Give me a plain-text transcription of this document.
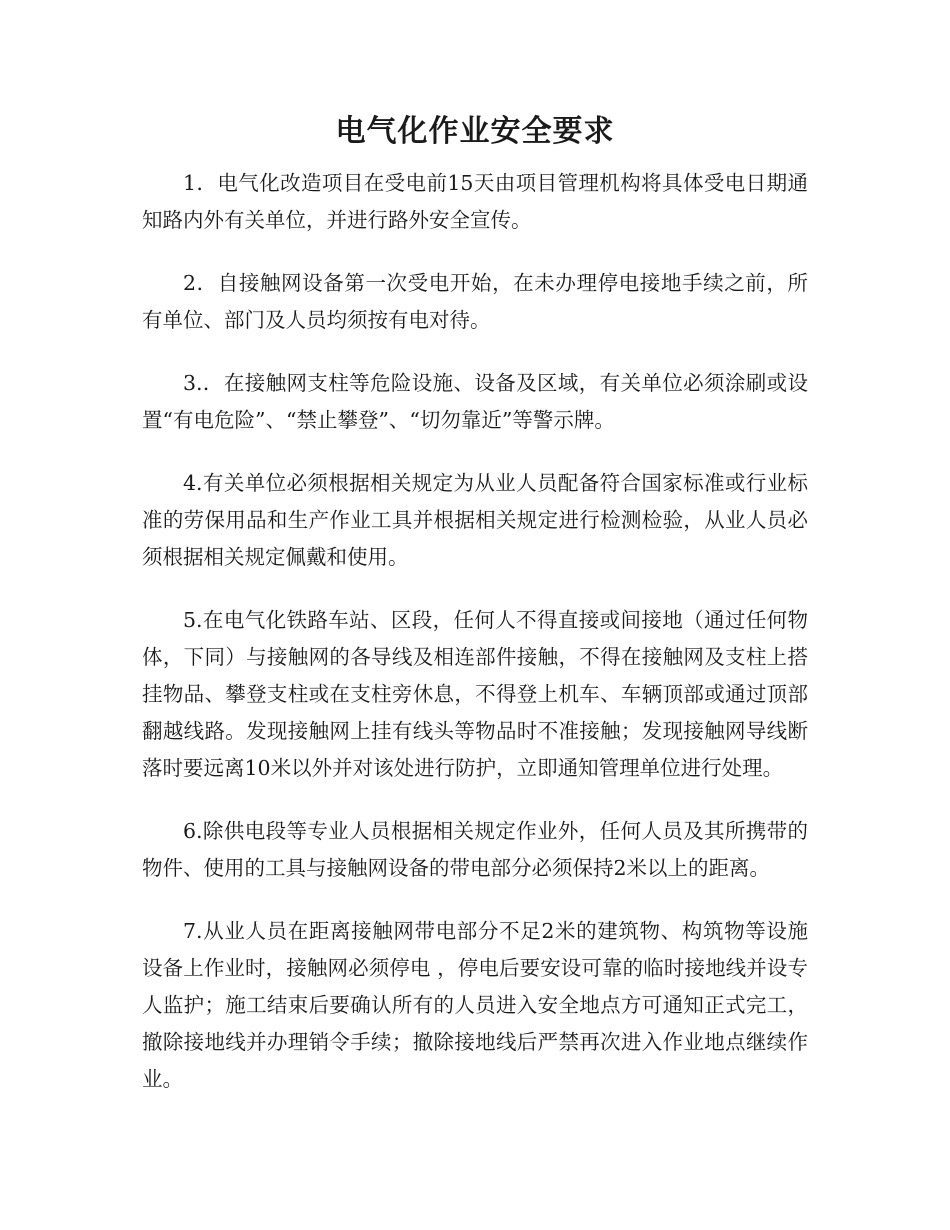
电气化作业安全要求

1．电气化改造项目在受电前15天由项目管理机构将具体受电日期通知路内外有关单位，并进行路外安全宣传。

2．自接触网设备第一次受电开始，在未办理停电接地手续之前，所有单位、部门及人员均须按有电对待。

3.．在接触网支柱等危险设施、设备及区域，有关单位必须涂刷或设置“有电危险”、“禁止攀登”、“切勿靠近”等警示牌。

4.有关单位必须根据相关规定为从业人员配备符合国家标准或行业标准的劳保用品和生产作业工具并根据相关规定进行检测检验，从业人员必须根据相关规定佩戴和使用。

5.在电气化铁路车站、区段，任何人不得直接或间接地（通过任何物体，下同）与接触网的各导线及相连部件接触，不得在接触网及支柱上搭挂物品、攀登支柱或在支柱旁休息，不得登上机车、车辆顶部或通过顶部翻越线路。发现接触网上挂有线头等物品时不准接触；发现接触网导线断落时要远离10米以外并对该处进行防护，立即通知管理单位进行处理。

6.除供电段等专业人员根据相关规定作业外，任何人员及其所携带的物件、使用的工具与接触网设备的带电部分必须保持2米以上的距离。

7.从业人员在距离接触网带电部分不足2米的建筑物、构筑物等设施设备上作业时，接触网必须停电 ，停电后要安设可靠的临时接地线并设专人监护；施工结束后要确认所有的人员进入安全地点方可通知正式完工，撤除接地线并办理销令手续；撤除接地线后严禁再次进入作业地点继续作业。
